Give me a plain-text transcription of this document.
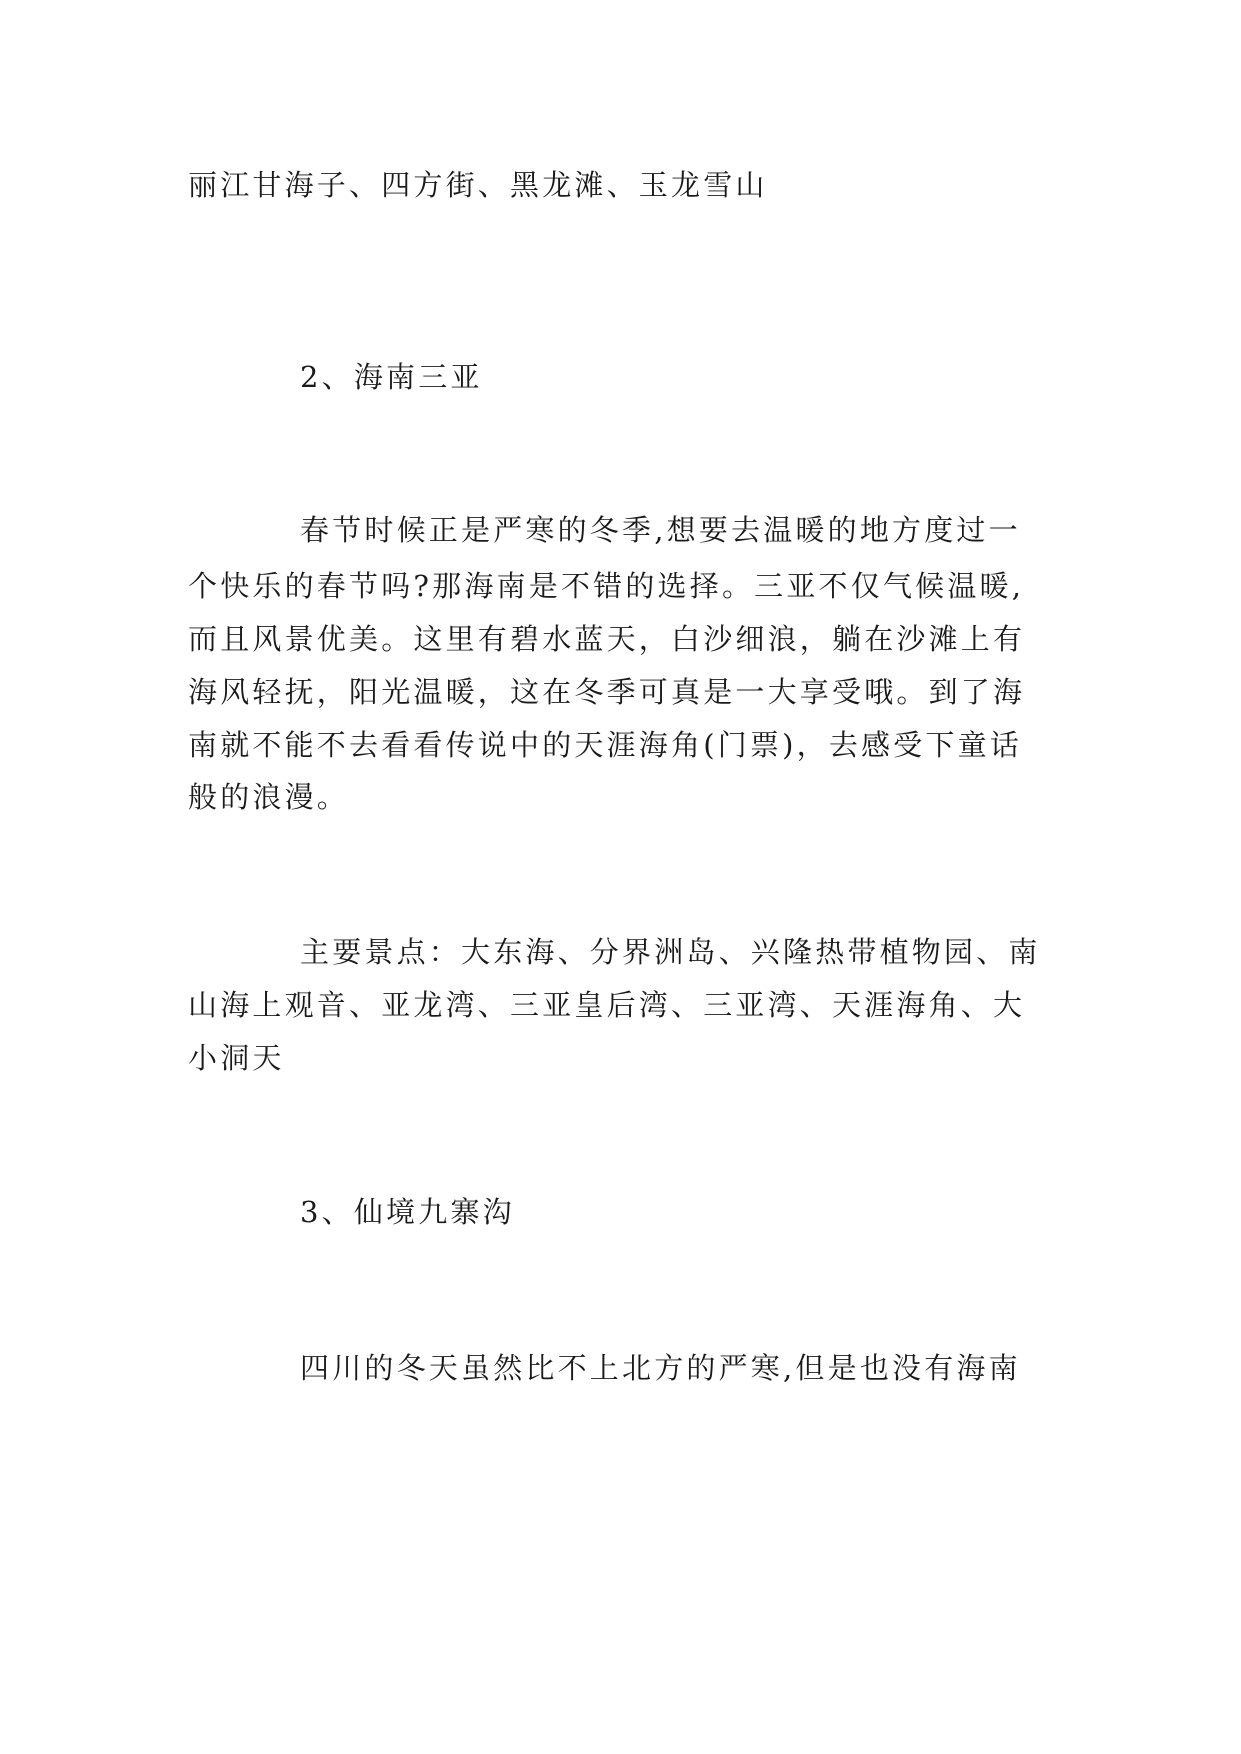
丽江甘海子、四方街、黑龙滩、玉龙雪山
2、海南三亚
春节时候正是严寒的冬季,想要去温暖的地方度过一
个快乐的春节吗?那海南是不错的选择。三亚不仅气候温暖,
而且风景优美。这里有碧水蓝天，白沙细浪，躺在沙滩上有
海风轻抚，阳光温暖，这在冬季可真是一大享受哦。到了海
南就不能不去看看传说中的天涯海角(门票)，去感受下童话
般的浪漫。
主要景点：大东海、分界洲岛、兴隆热带植物园、南
山海上观音、亚龙湾、三亚皇后湾、三亚湾、天涯海角、大
小洞天
3、仙境九寨沟
四川的冬天虽然比不上北方的严寒,但是也没有海南
